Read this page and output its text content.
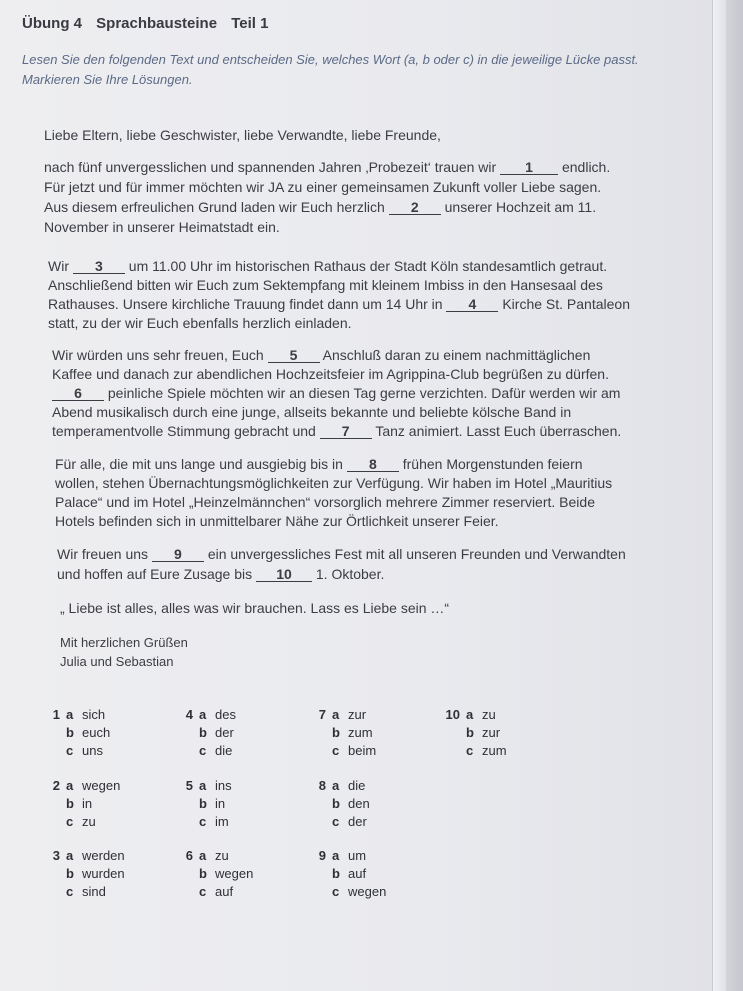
Übung 4 Sprachbausteine Teil 1
Lesen Sie den folgenden Text und entscheiden Sie, welches Wort (a, b oder c) in die jeweilige Lücke passt.
Markieren Sie Ihre Lösungen.
Liebe Eltern, liebe Geschwister, liebe Verwandte, liebe Freunde,
nach fünf unvergesslichen und spannenden Jahren ‚Probezeit‘ trauen wir 1 endlich.
Für jetzt und für immer möchten wir JA zu einer gemeinsamen Zukunft voller Liebe sagen.
Aus diesem erfreulichen Grund laden wir Euch herzlich 2 unserer Hochzeit am 11.
November in unserer Heimatstadt ein.
Wir 3 um 11.00 Uhr im historischen Rathaus der Stadt Köln standesamtlich getraut.
Anschließend bitten wir Euch zum Sektempfang mit kleinem Imbiss in den Hansesaal des
Rathauses. Unsere kirchliche Trauung findet dann um 14 Uhr in 4 Kirche St. Pantaleon
statt, zu der wir Euch ebenfalls herzlich einladen.
Wir würden uns sehr freuen, Euch 5 Anschluß daran zu einem nachmittäglichen
Kaffee und danach zur abendlichen Hochzeitsfeier im Agrippina-Club begrüßen zu dürfen.
6 peinliche Spiele möchten wir an diesen Tag gerne verzichten. Dafür werden wir am
Abend musikalisch durch eine junge, allseits bekannte und beliebte kölsche Band in
temperamentvolle Stimmung gebracht und 7 Tanz animiert. Lasst Euch überraschen.
Für alle, die mit uns lange und ausgiebig bis in 8 frühen Morgenstunden feiern
wollen, stehen Übernachtungsmöglichkeiten zur Verfügung. Wir haben im Hotel „Mauritius
Palace“ und im Hotel „Heinzelmännchen“ vorsorglich mehrere Zimmer reserviert. Beide
Hotels befinden sich in unmittelbarer Nähe zur Örtlichkeit unserer Feier.
Wir freuen uns 9 ein unvergessliches Fest mit all unseren Freunden und Verwandten
und hoffen auf Eure Zusage bis 10 1. Oktober.
„ Liebe ist alles, alles was wir brauchen. Lass es Liebe sein …“
Mit herzlichen Grüßen
Julia und Sebastian
1 a sich
b euch
c uns
2 a wegen
b in
c zu
3 a werden
b wurden
c sind
4 a des
b der
c die
5 a ins
b in
c im
6 a zu
b wegen
c auf
7 a zur
b zum
c beim
8 a die
b den
c der
9 a um
b auf
c wegen
10 a zu
b zur
c zum
